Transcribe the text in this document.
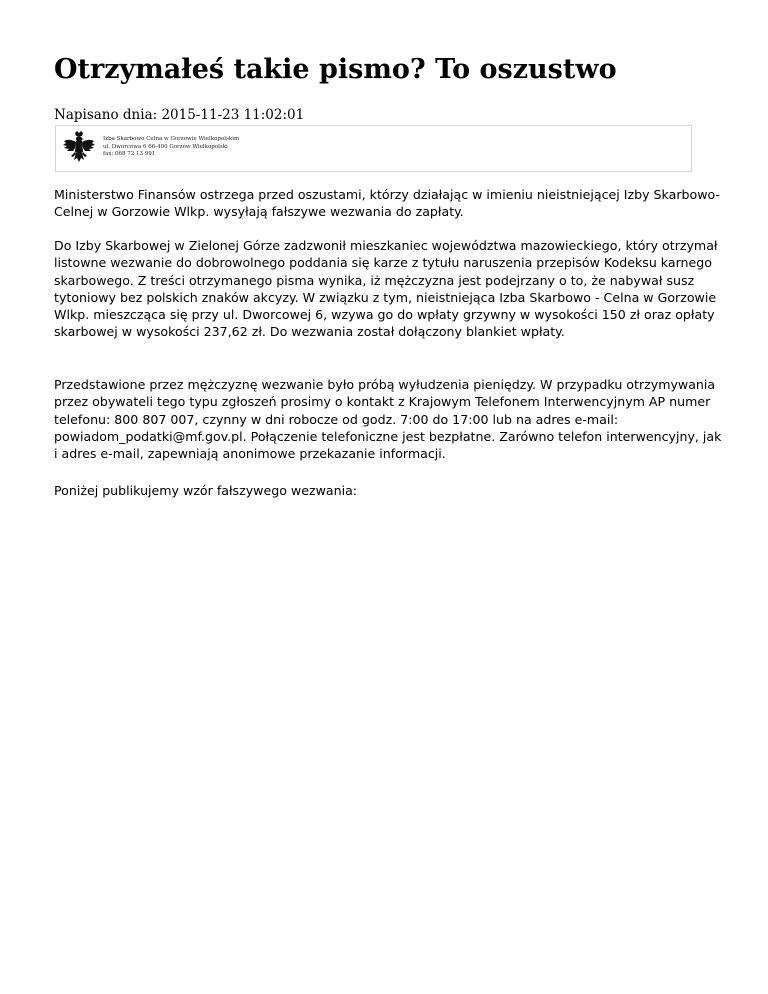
Otrzymałeś takie pismo? To oszustwo

Napisano dnia: 2015-11-23 11:02:01

Izba Skarbowo Celna w Gorzowie Wielkopolskim
ul. Dworcowa 6 66-400 Gorzów Wielkopolski
fax: 068 72 13 991

Ministerstwo Finansów ostrzega przed oszustami, którzy działając w imieniu nieistniejącej Izby Skarbowo-Celnej w Gorzowie Wlkp. wysyłają fałszywe wezwania do zapłaty.

Do Izby Skarbowej w Zielonej Górze zadzwonił mieszkaniec województwa mazowieckiego, który otrzymał listowne wezwanie do dobrowolnego poddania się karze z tytułu naruszenia przepisów Kodeksu karnego skarbowego. Z treści otrzymanego pisma wynika, iż mężczyzna jest podejrzany o to, że nabywał susz tytoniowy bez polskich znaków akcyzy. W związku z tym, nieistniejąca Izba Skarbowo - Celna w Gorzowie Wlkp. mieszcząca się przy ul. Dworcowej 6, wzywa go do wpłaty grzywny w wysokości 150 zł oraz opłaty skarbowej w wysokości 237,62 zł. Do wezwania został dołączony blankiet wpłaty.

Przedstawione przez mężczyznę wezwanie było próbą wyłudzenia pieniędzy. W przypadku otrzymywania przez obywateli tego typu zgłoszeń prosimy o kontakt z Krajowym Telefonem Interwencyjnym AP numer telefonu: 800 807 007, czynny w dni robocze od godz. 7:00 do 17:00 lub na adres e-mail: powiadom_podatki@mf.gov.pl. Połączenie telefoniczne jest bezpłatne. Zarówno telefon interwencyjny, jak i adres e-mail, zapewniają anonimowe przekazanie informacji.

Poniżej publikujemy wzór fałszywego wezwania:
